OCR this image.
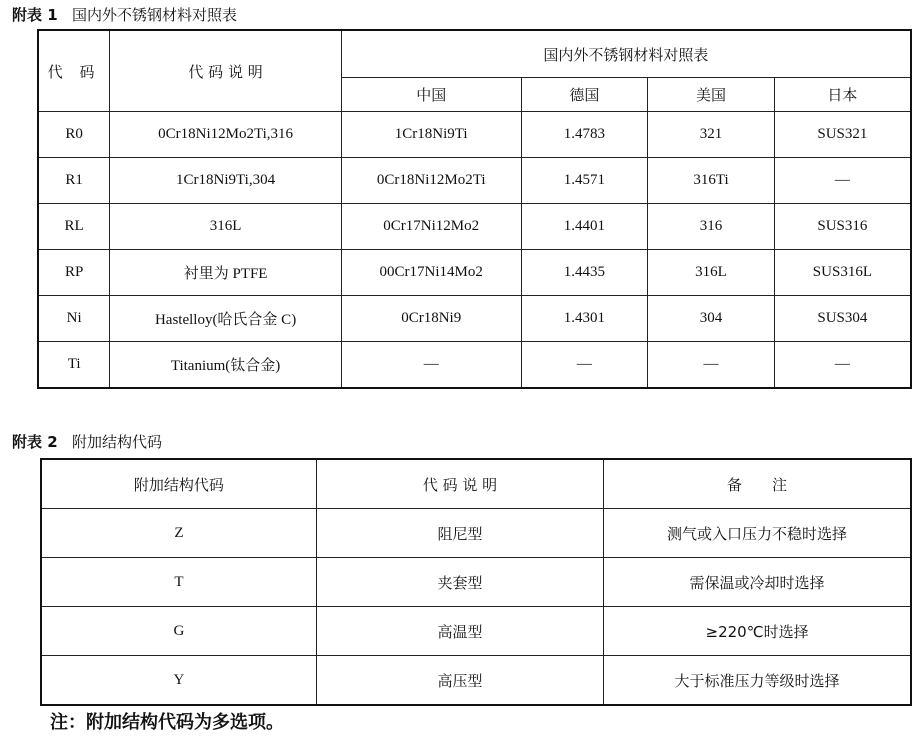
附表 1 国内外不锈钢材料对照表
代 码	代 码 说 明	国内外不锈钢材料对照表			
		中国	德国	美国	日本
R0	0Cr18Ni12Mo2Ti,316	1Cr18Ni9Ti	1.4783	321	SUS321
R1	1Cr18Ni9Ti,304	0Cr18Ni12Mo2Ti	1.4571	316Ti	—
RL	316L	0Cr17Ni12Mo2	1.4401	316	SUS316
RP	衬里为 PTFE	00Cr17Ni14Mo2	1.4435	316L	SUS316L
Ni	Hastelloy(哈氏合金 C)	0Cr18Ni9	1.4301	304	SUS304
Ti	Titanium(钛合金)	—	—	—	—
附表 2 附加结构代码
附加结构代码	代 码 说 明	备　　注
Z	阻尼型	测气或入口压力不稳时选择
T	夹套型	需保温或冷却时选择
G	高温型	≥220℃时选择
Y	高压型	大于标准压力等级时选择
注：附加结构代码为多选项。
